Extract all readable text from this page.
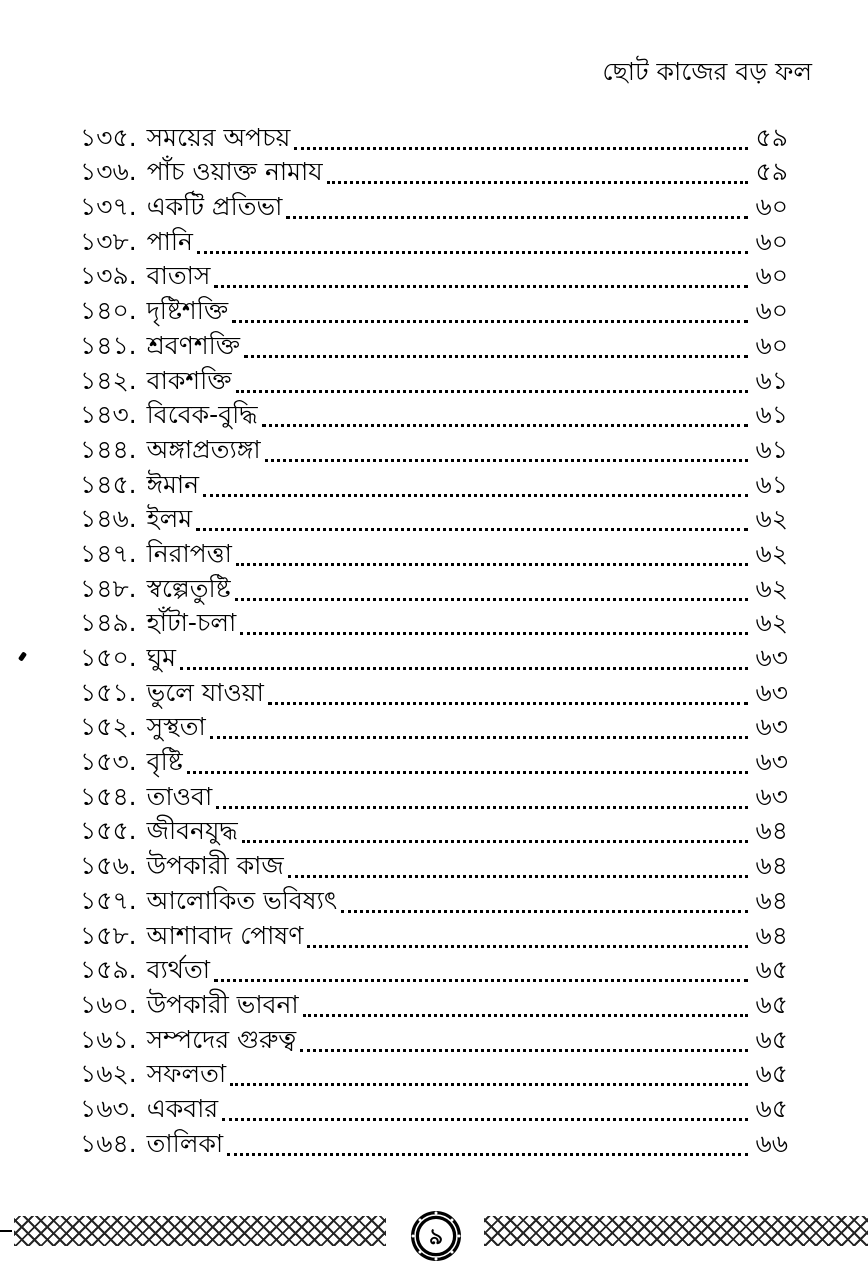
ছোট কাজের বড় ফল
১৩৫. সময়ের অপচয়	৫৯
১৩৬. পাঁচ ওয়াক্ত নামায	৫৯
১৩৭. একটি প্রতিভা	৬০
১৩৮. পানি	৬০
১৩৯. বাতাস	৬০
১৪০. দৃষ্টিশক্তি	৬০
১৪১. শ্রবণশক্তি	৬০
১৪২. বাকশক্তি	৬১
১৪৩. বিবেক-বুদ্ধি	৬১
১৪৪. অঙ্গাপ্রত্যঙ্গা	৬১
১৪৫. ঈমান	৬১
১৪৬. ইলম	৬২
১৪৭. নিরাপত্তা	৬২
১৪৮. স্বল্পেতুষ্টি	৬২
১৪৯. হাঁটা-চলা	৬২
১৫০. ঘুম	৬৩
১৫১. ভুলে যাওয়া	৬৩
১৫২. সুস্থতা	৬৩
১৫৩. বৃষ্টি	৬৩
১৫৪. তাওবা	৬৩
১৫৫. জীবনযুদ্ধ	৬৪
১৫৬. উপকারী কাজ	৬৪
১৫৭. আলোকিত ভবিষ্যৎ	৬৪
১৫৮. আশাবাদ পোষণ	৬৪
১৫৯. ব্যর্থতা	৬৫
১৬০. উপকারী ভাবনা	৬৫
১৬১. সম্পদের গুরুত্ব	৬৫
১৬২. সফলতা	৬৫
১৬৩. একবার	৬৫
১৬৪. তালিকা	৬৬
৯
